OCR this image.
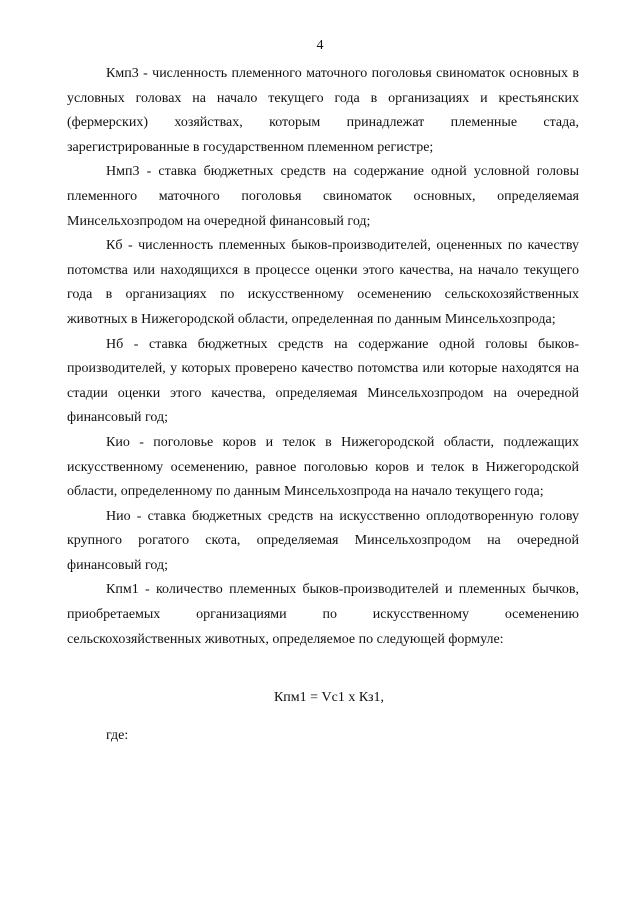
4

Кмп3 - численность племенного маточного поголовья свиноматок основных в условных головах на начало текущего года в организациях и крестьянских (фермерских) хозяйствах, которым принадлежат племенные стада, зарегистрированные в государственном племенном регистре;

Нмп3 - ставка бюджетных средств на содержание одной условной головы племенного маточного поголовья свиноматок основных, определяемая Минсельхозпродом на очередной финансовый год;

Кб - численность племенных быков-производителей, оцененных по качеству потомства или находящихся в процессе оценки этого качества, на начало текущего года в организациях по искусственному осеменению сельскохозяйственных животных в Нижегородской области, определенная по данным Минсельхозпрода;

Нб - ставка бюджетных средств на содержание одной головы быков-производителей, у которых проверено качество потомства или которые находятся на стадии оценки этого качества, определяемая Минсельхозпродом на очередной финансовый год;

Кио - поголовье коров и телок в Нижегородской области, подлежащих искусственному осеменению, равное поголовью коров и телок в Нижегородской области, определенному по данным Минсельхозпрода на начало текущего года;

Нио - ставка бюджетных средств на искусственно оплодотворенную голову крупного рогатого скота, определяемая Минсельхозпродом на очередной финансовый год;

Кпм1 - количество племенных быков-производителей и племенных бычков, приобретаемых организациями по искусственному осеменению сельскохозяйственных животных, определяемое по следующей формуле:

Кпм1 = Vc1 x Кз1,

где:
